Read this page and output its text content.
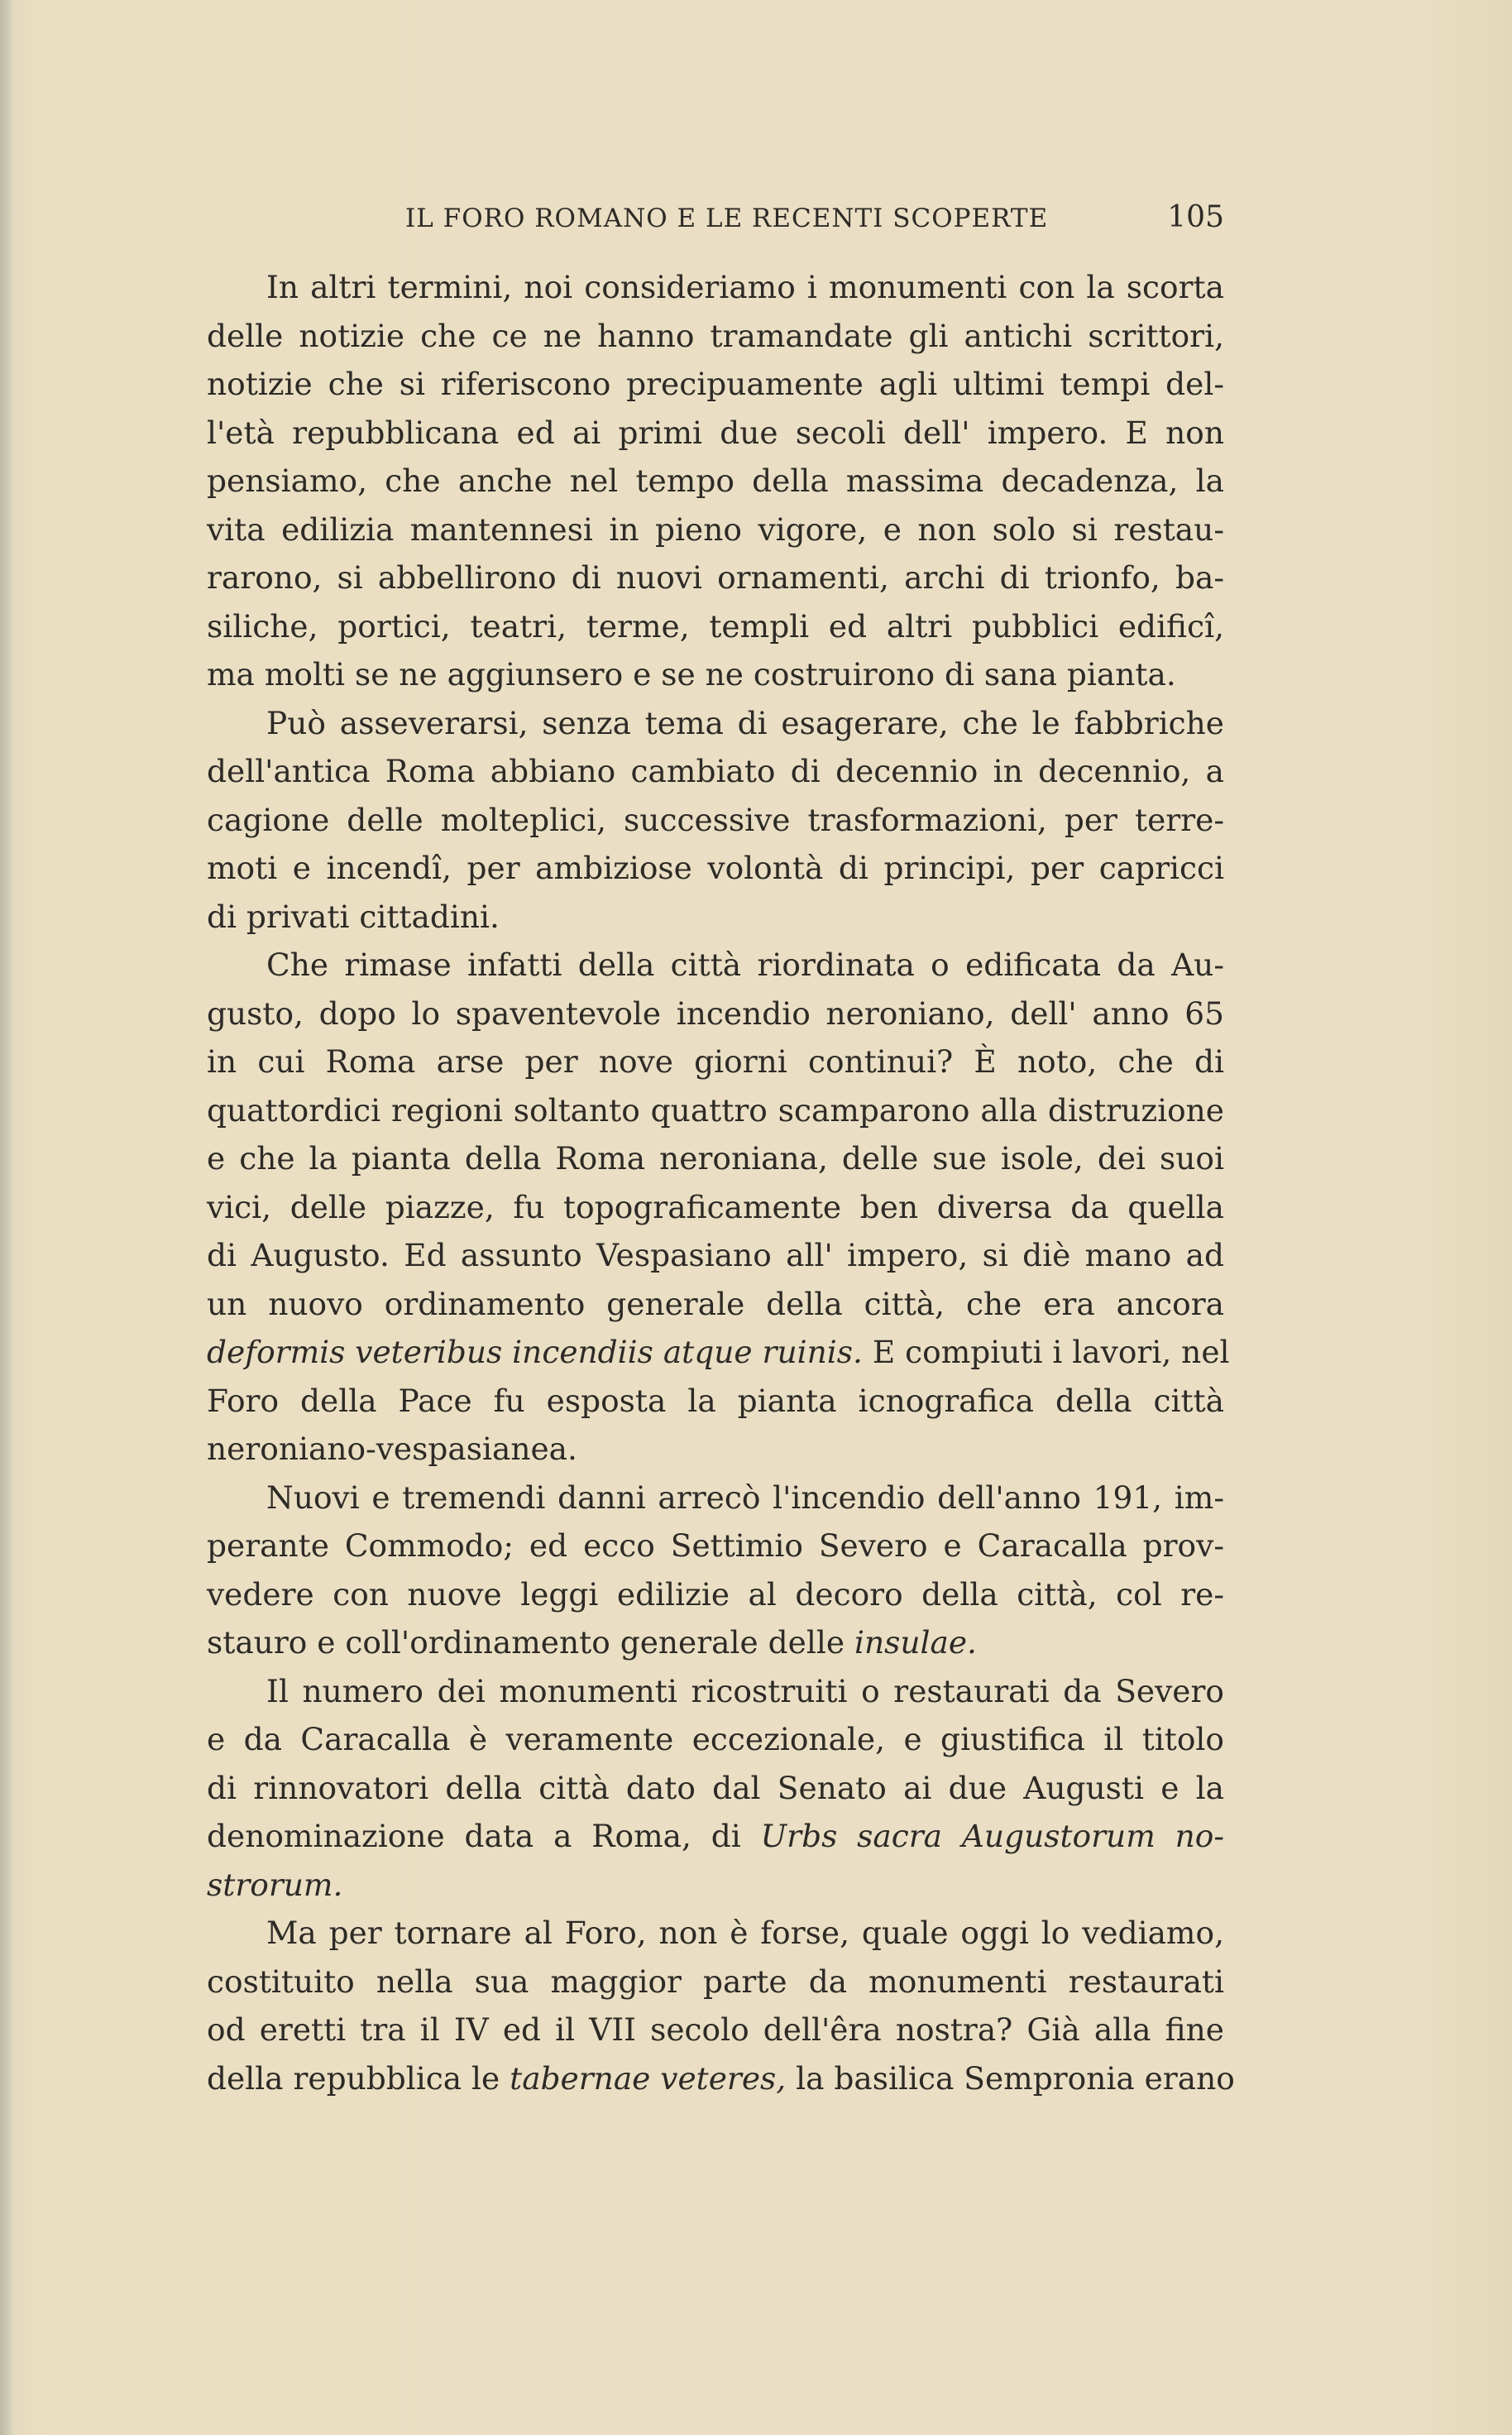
IL FORO ROMANO E LE RECENTI SCOPERTE	105
In altri termini, noi consideriamo i monumenti con la scorta
delle notizie che ce ne hanno tramandate gli antichi scrittori,
notizie che si riferiscono precipuamente agli ultimi tempi del-
l'età repubblicana ed ai primi due secoli dell' impero. E non
pensiamo, che anche nel tempo della massima decadenza, la
vita edilizia mantennesi in pieno vigore, e non solo si restau-
rarono, si abbellirono di nuovi ornamenti, archi di trionfo, ba-
siliche, portici, teatri, terme, templi ed altri pubblici edificî,
ma molti se ne aggiunsero e se ne costruirono di sana pianta.
Può asseverarsi, senza tema di esagerare, che le fabbriche
dell'antica Roma abbiano cambiato di decennio in decennio, a
cagione delle molteplici, successive trasformazioni, per terre-
moti e incendî, per ambiziose volontà di principi, per capricci
di privati cittadini.
Che rimase infatti della città riordinata o edificata da Au-
gusto, dopo lo spaventevole incendio neroniano, dell' anno 65
in cui Roma arse per nove giorni continui? È noto, che di
quattordici regioni soltanto quattro scamparono alla distruzione
e che la pianta della Roma neroniana, delle sue isole, dei suoi
vici, delle piazze, fu topograficamente ben diversa da quella
di Augusto. Ed assunto Vespasiano all' impero, si diè mano ad
un nuovo ordinamento generale della città, che era ancora
deformis veteribus incendiis atque ruinis. E compiuti i lavori, nel
Foro della Pace fu esposta la pianta icnografica della città
neroniano-vespasianea.
Nuovi e tremendi danni arrecò l'incendio dell'anno 191, im-
perante Commodo; ed ecco Settimio Severo e Caracalla prov-
vedere con nuove leggi edilizie al decoro della città, col re-
stauro e coll'ordinamento generale delle insulae.
Il numero dei monumenti ricostruiti o restaurati da Severo
e da Caracalla è veramente eccezionale, e giustifica il titolo
di rinnovatori della città dato dal Senato ai due Augusti e la
denominazione data a Roma, di Urbs sacra Augustorum no-
strorum.
Ma per tornare al Foro, non è forse, quale oggi lo vediamo,
costituito nella sua maggior parte da monumenti restaurati
od eretti tra il IV ed il VII secolo dell'êra nostra? Già alla fine
della repubblica le tabernae veteres, la basilica Sempronia erano
